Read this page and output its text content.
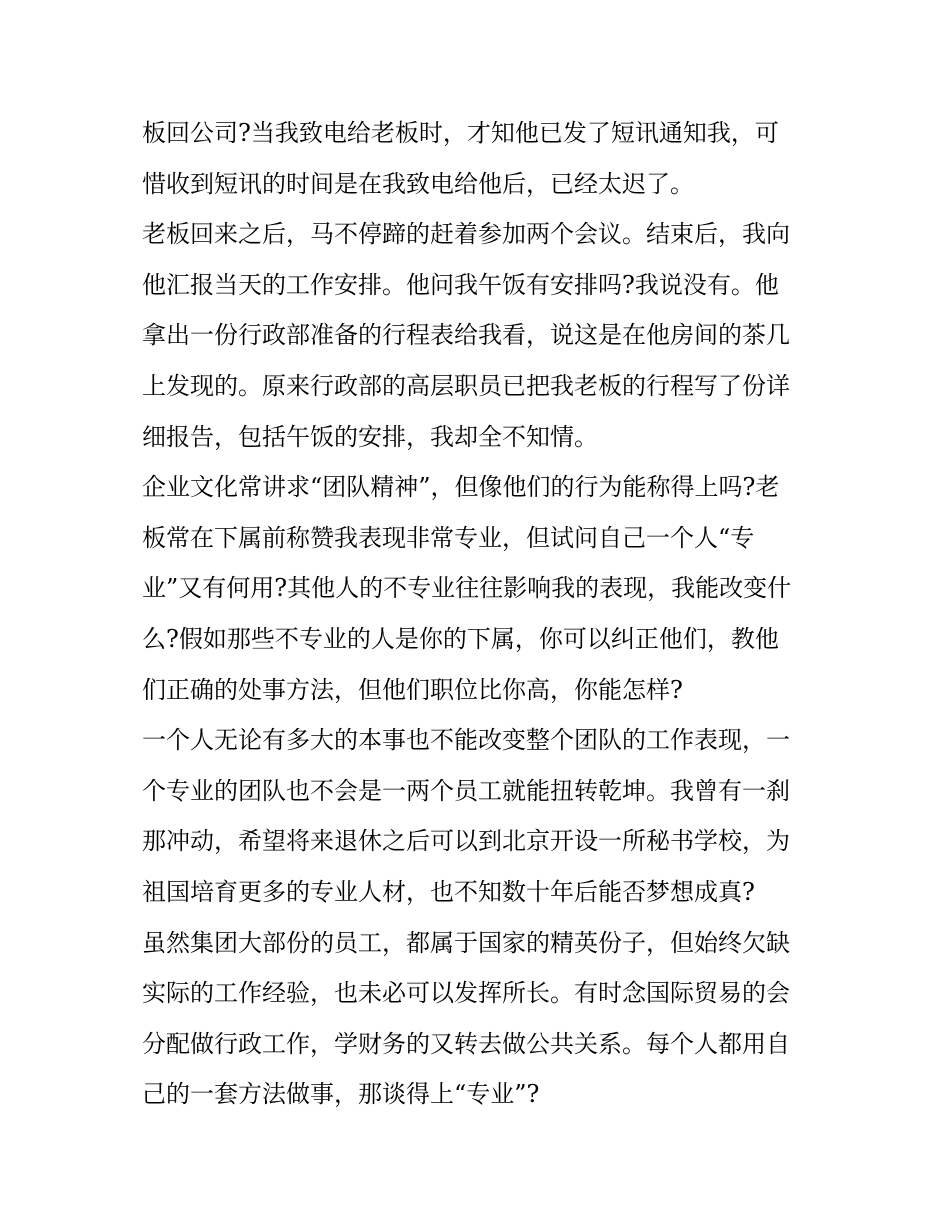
板回公司?当我致电给老板时，才知他已发了短讯通知我，可
惜收到短讯的时间是在我致电给他后，已经太迟了。
老板回来之后，马不停蹄的赶着参加两个会议。结束后，我向
他汇报当天的工作安排。他问我午饭有安排吗?我说没有。他
拿出一份行政部准备的行程表给我看，说这是在他房间的茶几
上发现的。原来行政部的高层职员已把我老板的行程写了份详
细报告，包括午饭的安排，我却全不知情。
企业文化常讲求“团队精神”，但像他们的行为能称得上吗?老
板常在下属前称赞我表现非常专业，但试问自己一个人“专
业”又有何用?其他人的不专业往往影响我的表现，我能改变什
么?假如那些不专业的人是你的下属，你可以纠正他们，教他
们正确的处事方法，但他们职位比你高，你能怎样?
一个人无论有多大的本事也不能改变整个团队的工作表现，一
个专业的团队也不会是一两个员工就能扭转乾坤。我曾有一刹
那冲动，希望将来退休之后可以到北京开设一所秘书学校，为
祖国培育更多的专业人材，也不知数十年后能否梦想成真?
虽然集团大部份的员工，都属于国家的精英份子，但始终欠缺
实际的工作经验，也未必可以发挥所长。有时念国际贸易的会
分配做行政工作，学财务的又转去做公共关系。每个人都用自
己的一套方法做事，那谈得上“专业”?
